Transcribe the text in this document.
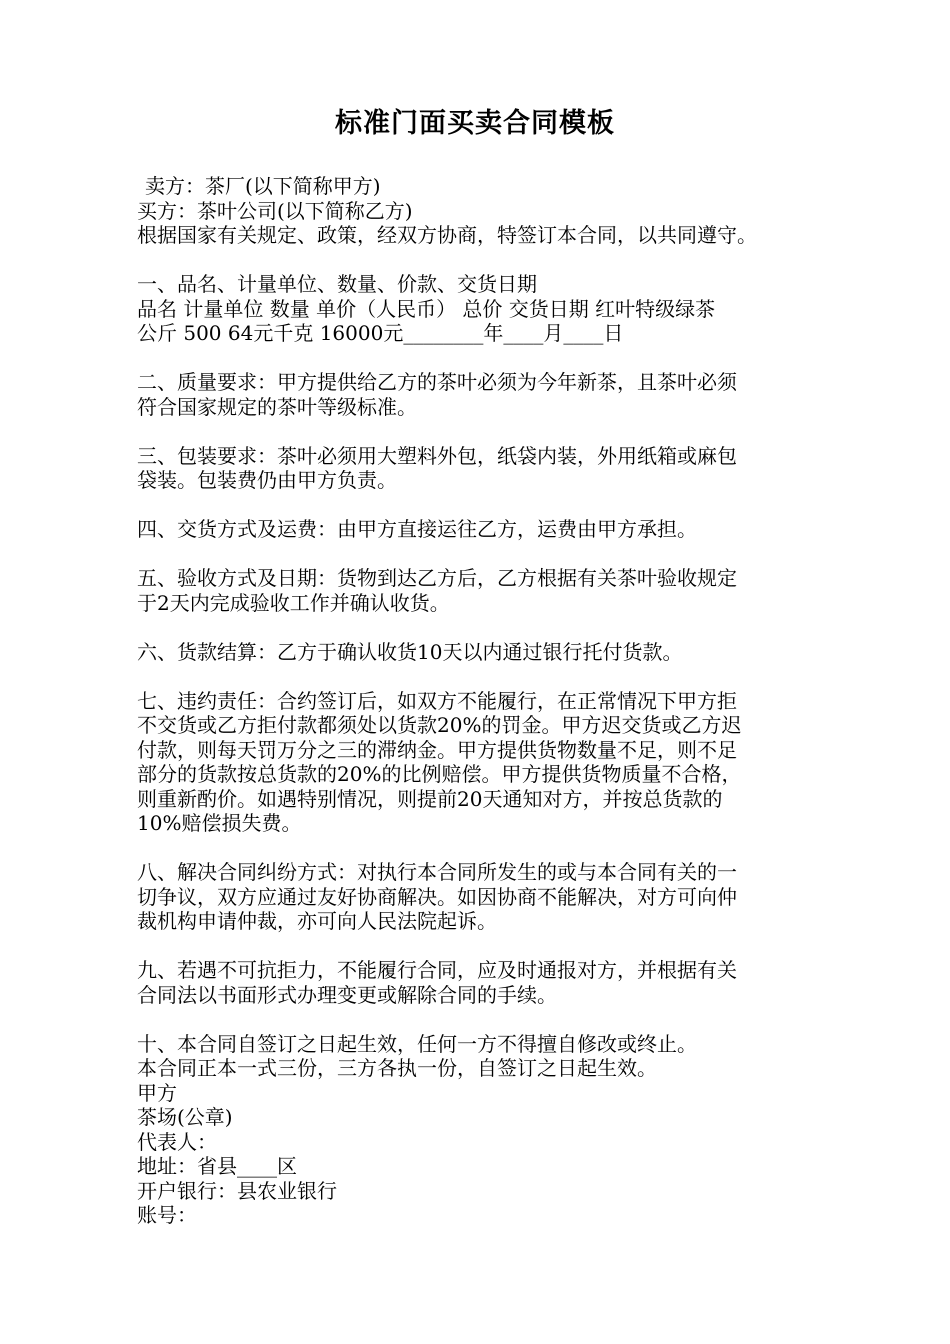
标准门面买卖合同模板
卖方：茶厂(以下简称甲方)
买方：茶叶公司(以下简称乙方)
根据国家有关规定、政策，经双方协商，特签订本合同，以共同遵守。
一、品名、计量单位、数量、价款、交货日期
品名 计量单位 数量 单价（人民币） 总价 交货日期 红叶特级绿茶
公斤 500 64元千克 16000元________年____月____日
二、质量要求：甲方提供给乙方的茶叶必须为今年新茶，且茶叶必须
符合国家规定的茶叶等级标准。
三、包装要求：茶叶必须用大塑料外包，纸袋内装，外用纸箱或麻包
袋装。包装费仍由甲方负责。
四、交货方式及运费：由甲方直接运往乙方，运费由甲方承担。
五、验收方式及日期：货物到达乙方后，乙方根据有关茶叶验收规定
于2天内完成验收工作并确认收货。
六、货款结算：乙方于确认收货10天以内通过银行托付货款。
七、违约责任：合约签订后，如双方不能履行，在正常情况下甲方拒
不交货或乙方拒付款都须处以货款20%的罚金。甲方迟交货或乙方迟
付款，则每天罚万分之三的滞纳金。甲方提供货物数量不足，则不足
部分的货款按总货款的20%的比例赔偿。甲方提供货物质量不合格，
则重新酌价。如遇特别情况，则提前20天通知对方，并按总货款的
10%赔偿损失费。
八、解决合同纠纷方式：对执行本合同所发生的或与本合同有关的一
切争议，双方应通过友好协商解决。如因协商不能解决，对方可向仲
裁机构申请仲裁，亦可向人民法院起诉。
九、若遇不可抗拒力，不能履行合同，应及时通报对方，并根据有关
合同法以书面形式办理变更或解除合同的手续。
十、本合同自签订之日起生效，任何一方不得擅自修改或终止。
本合同正本一式三份，三方各执一份，自签订之日起生效。
甲方
茶场(公章)
代表人：
地址：省县____区
开户银行：县农业银行
账号：
